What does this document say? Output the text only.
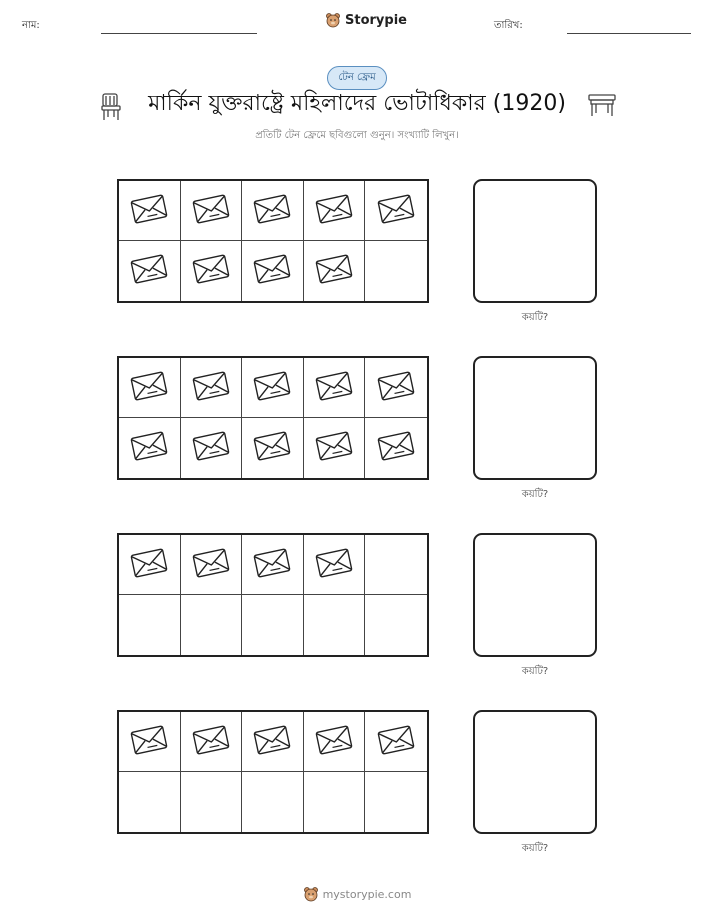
নাম:	Storypie	তারিখ:
টেন ফ্রেম
মার্কিন যুক্তরাষ্ট্রে মহিলাদের ভোটাধিকার (1920)
প্রতিটি টেন ফ্রেমে ছবিগুলো গুনুন। সংখ্যাটি লিখুন।
কয়টি?
কয়টি?
কয়টি?
কয়টি?
mystorypie.com
